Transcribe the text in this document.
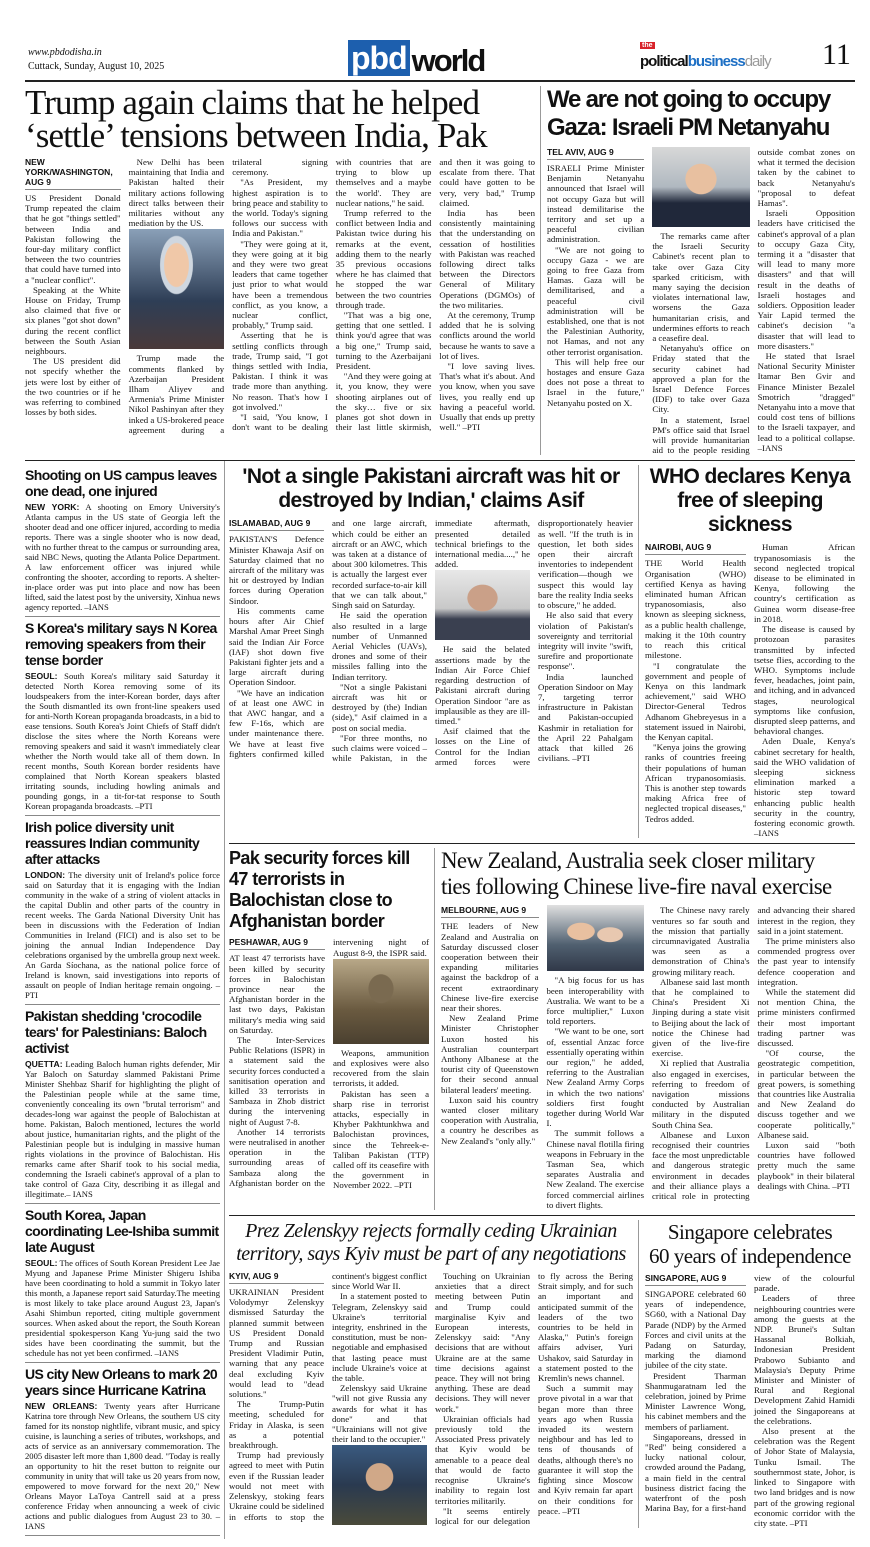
www.pbdodisha.in
Cuttack, Sunday, August 10, 2025	pbd world	the
politicalbusinessdaily 11
Trump again claims that he helped
‘settle’ tensions between India, Pak
NEW YORK/WASHINGTON, AUG 9

US President Donald Trump repeated the claim that he got "things settled" between India and Pakistan following the four-day military conflict between the two countries that could have turned into a "nuclear conflict".

Speaking at the White House on Friday, Trump also claimed that five or six planes "got shot down" during the recent conflict between the South Asian neighbours.

The US president did not specify whether the jets were lost by either of the two countries or if he was referring to combined losses by both sides.

New Delhi has been maintaining that India and Pakistan halted their military actions following direct talks between their militaries without any mediation by the US.

Trump made the comments flanked by Azerbaijan President Ilham Aliyev and Armenia's Prime Minister Nikol Pashinyan after they inked a US-brokered peace agreement during a trilateral signing ceremony.

"As President, my highest aspiration is to bring peace and stability to the world. Today's signing follows our success with India and Pakistan."

"They were going at it, they were going at it big and they were two great leaders that came together just prior to what would have been a tremendous conflict, as you know, a nuclear conflict, probably," Trump said.

Asserting that he is settling conflicts through trade, Trump said, "I got things settled with India, Pakistan. I think it was trade more than anything. No reason. That's how I got involved."

"I said, 'You know, I don't want to be dealing with countries that are trying to blow up themselves and a maybe the world'. They are nuclear nations," he said.

Trump referred to the conflict between India and Pakistan twice during his remarks at the event, adding them to the nearly 35 previous occasions where he has claimed that he stopped the war between the two countries through trade.

"That was a big one, getting that one settled. I think you'd agree that was a big one," Trump said, turning to the Azerbaijani President.

"And they were going at it, you know, they were shooting airplanes out of the sky… five or six planes got shot down in their last little skirmish, and then it was going to escalate from there. That could have gotten to be very, very bad," Trump claimed.

India has been consistently maintaining that the understanding on cessation of hostilities with Pakistan was reached following direct talks between the Directors General of Military Operations (DGMOs) of the two militaries.

At the ceremony, Trump added that he is solving conflicts around the world because he wants to save a lot of lives.

"I love saving lives. That's what it's about. And you know, when you save lives, you really end up having a peaceful world. Usually that ends up pretty well." –PTI

We are not going to occupy
Gaza: Israeli PM Netanyahu
TEL AVIV, AUG 9

ISRAELI Prime Minister Benjamin Netanyahu announced that Israel will not occupy Gaza but will instead demilitarise the territory and set up a peaceful civilian administration.

"We are not going to occupy Gaza - we are going to free Gaza from Hamas. Gaza will be demilitarised, and a peaceful civil administration will be established, one that is not the Palestinian Authority, not Hamas, and not any other terrorist organisation.

This will help free our hostages and ensure Gaza does not pose a threat to Israel in the future," Netanyahu posted on X.

The remarks came after the Israeli Security Cabinet's recent plan to take over Gaza City sparked criticism, with many saying the decision violates international law, worsens the Gaza humanitarian crisis, and undermines efforts to reach a ceasefire deal.

Netanyahu's office on Friday stated that the security cabinet had approved a plan for the Israel Defence Forces (IDF) to take over Gaza City.

In a statement, Israel PM's office said that Israel will provide humanitarian aid to the people residing outside combat zones on what it termed the decision taken by the cabinet to back Netanyahu's "proposal to defeat Hamas".

Israeli Opposition leaders have criticised the cabinet's approval of a plan to occupy Gaza City, terming it a "disaster that will lead to many more disasters" and that will result in the deaths of Israeli hostages and soldiers. Opposition leader Yair Lapid termed the cabinet's decision "a disaster that will lead to more disasters."

He stated that Israel National Security Minister Itamar Ben Gvir and Finance Minister Bezalel Smotrich "dragged" Netanyahu into a move that could cost tens of billions to the Israeli taxpayer, and lead to a political collapse. –IANS

Shooting on US campus leaves one dead, one injured

NEW YORK: A shooting on Emory University's Atlanta campus in the US state of Georgia left the shooter dead and one officer injured, according to media reports. There was a single shooter who is now dead, with no further threat to the campus or surrounding area, said NBC News, quoting the Atlanta Police Department. A law enforcement officer was injured while confronting the shooter, according to reports. A shelter-in-place order was put into place and now has been lifted, said the latest post by the university, Xinhua news agency reported. –IANS

S Korea's military says N Korea removing speakers from their tense border

SEOUL: South Korea's military said Saturday it detected North Korea removing some of its loudspeakers from the inter-Korean border, days after the South dismantled its own front-line speakers used for anti-North Korean propaganda broadcasts, in a bid to ease tensions. South Korea's Joint Chiefs of Staff didn't disclose the sites where the North Koreans were removing speakers and said it wasn't immediately clear whether the North would take all of them down. In recent months, South Korean border residents have complained that North Korean speakers blasted irritating sounds, including howling animals and pounding gongs, in a tit-for-tat response to South Korean propaganda broadcasts. –PTI

Irish police diversity unit reassures Indian community after attacks

LONDON: The diversity unit of Ireland's police force said on Saturday that it is engaging with the Indian community in the wake of a string of violent attacks in the capital Dublin and other parts of the country in recent weeks. The Garda National Diversity Unit has been in discussions with the Federation of Indian Communities in Ireland (FICI) and is also set to be joining the annual Indian Independence Day celebrations organised by the umbrella group next week. An Garda Síochana, as the national police force of Ireland is known, said investigations into reports of assault on people of Indian heritage remain ongoing. –PTI

Pakistan shedding 'crocodile tears' for Palestinians: Baloch activist

QUETTA: Leading Baloch human rights defender, Mir Yar Baloch on Saturday slammed Pakistani Prime Minister Shehbaz Sharif for highlighting the plight of the Palestinian people while at the same time, conveniently concealing its own "brutal terrorism" and decades-long war against the people of Balochistan at home. Pakistan, Baloch mentioned, lectures the world about justice, humanitarian rights, and the plight of the Palestinian people but is indulging in massive human rights violations in the province of Balochistan. His remarks came after Sharif took to his social media, condemning the Israeli cabinet's approval of a plan to take control of Gaza City, describing it as illegal and illegitimate.– IANS

South Korea, Japan coordinating Lee-Ishiba summit late August

SEOUL: The offices of South Korean President Lee Jae Myung and Japanese Prime Minister Shigeru Ishiba have been coordinating to hold a summit in Tokyo later this month, a Japanese report said Saturday.The meeting is most likely to take place around August 23, Japan's Asahi Shimbun reported, citing multiple government sources. When asked about the report, the South Korean presidential spokesperson Kang Yu-jung said the two sides have been coordinating the summit, but the schedule has not yet been confirmed. –IANS

US city New Orleans to mark 20 years since Hurricane Katrina

NEW ORLEANS: Twenty years after Hurricane Katrina tore through New Orleans, the southern US city famed for its nonstop nightlife, vibrant music, and spicy cuisine, is launching a series of tributes, workshops, and acts of service as an anniversary commemoration. The 2005 disaster left more than 1,800 dead. "Today is really an opportunity to hit the reset button to reignite our community in unity that will take us 20 years from now, empowered to move forward for the next 20," New Orleans Mayor LaToya Cantrell said at a press conference Friday when announcing a week of civic actions and public dialogues from August 23 to 30. –IANS

'Not a single Pakistani aircraft was hit or destroyed by Indian,' claims Asif
ISLAMABAD, AUG 9

PAKISTAN'S Defence Minister Khawaja Asif on Saturday claimed that no aircraft of the military was hit or destroyed by Indian forces during Operation Sindoor.

His comments came hours after Air Chief Marshal Amar Preet Singh said the Indian Air Force (IAF) shot down five Pakistani fighter jets and a large aircraft during Operation Sindoor.

"We have an indication of at least one AWC in that AWC hangar, and a few F-16s, which are under maintenance there. We have at least five fighters confirmed killed and one large aircraft, which could be either an aircraft or an AWC, which was taken at a distance of about 300 kilometres. This is actually the largest ever recorded surface-to-air kill that we can talk about," Singh said on Saturday.

He said the operation also resulted in a large number of Unmanned Aerial Vehicles (UAVs), drones and some of their missiles falling into the Indian territory.

"Not a single Pakistani aircraft was hit or destroyed by (the) Indian (side)," Asif claimed in a post on social media.

"For three months, no such claims were voiced – while Pakistan, in the immediate aftermath, presented detailed technical briefings to the international media....," he added.

He said the belated assertions made by the Indian Air Force Chief regarding destruction of Pakistani aircraft during Operation Sindoor "are as implausible as they are ill-timed."

Asif claimed that the losses on the Line of Control for the Indian armed forces were disproportionately heavier as well. "If the truth is in question, let both sides open their aircraft inventories to independent verification—though we suspect this would lay bare the reality India seeks to obscure," he added.

He also said that every violation of Pakistan's sovereignty and territorial integrity will invite "swift, surefire and proportionate response".

India launched Operation Sindoor on May 7, targeting terror infrastructure in Pakistan and Pakistan-occupied Kashmir in retaliation for the April 22 Pahalgam attack that killed 26 civilians. –PTI

WHO declares Kenya free of sleeping sickness
NAIROBI, AUG 9

THE World Health Organisation (WHO) certified Kenya as having eliminated human African trypanosomiasis, also known as sleeping sickness, as a public health challenge, making it the 10th country to reach this critical milestone.

"I congratulate the government and people of Kenya on this landmark achievement," said WHO Director-General Tedros Adhanom Ghebreyesus in a statement issued in Nairobi, the Kenyan capital.

"Kenya joins the growing ranks of countries freeing their populations of human African trypanosomiasis. This is another step towards making Africa free of neglected tropical diseases," Tedros added.

Human African trypanosomiasis is the second neglected tropical disease to be eliminated in Kenya, following the country's certification as Guinea worm disease-free in 2018.

The disease is caused by protozoan parasites transmitted by infected tsetse flies, according to the WHO. Symptoms include fever, headaches, joint pain, and itching, and in advanced stages, neurological symptoms like confusion, disrupted sleep patterns, and behavioral changes.

Aden Duale, Kenya's cabinet secretary for health, said the WHO validation of sleeping sickness elimination marked a historic step toward enhancing public health security in the country, fostering economic growth. –IANS

Pak security forces kill 47 terrorists in Balochistan close to Afghanistan border
PESHAWAR, AUG 9

AT least 47 terrorists have been killed by security forces in Balochistan province near the Afghanistan border in the last two days, Pakistan military's media wing said on Saturday.

The Inter-Services Public Relations (ISPR) in a statement said the security forces conducted a sanitisation operation and killed 33 terrorists in Sambaza in Zhob district during the intervening night of August 7-8.

Another 14 terrorists were neutralised in another operation in the surrounding areas of Sambaza along the Afghanistan border on the intervening night of August 8-9, the ISPR said.

Weapons, ammunition and explosives were also recovered from the slain terrorists, it added.

Pakistan has seen a sharp rise in terrorist attacks, especially in Khyber Pakhtunkhwa and Balochistan provinces, since the Tehreek-e-Taliban Pakistan (TTP) called off its ceasefire with the government in November 2022. –PTI

New Zealand, Australia seek closer military
ties following Chinese live-fire naval exercise
MELBOURNE, AUG 9

THE leaders of New Zealand and Australia on Saturday discussed closer cooperation between their expanding militaries against the backdrop of a recent extraordinary Chinese live-fire exercise near their shores.

New Zealand Prime Minister Christopher Luxon hosted his Australian counterpart Anthony Albanese at the tourist city of Queenstown for their second annual bilateral leaders' meeting.

Luxon said his country wanted closer military cooperation with Australia, a country he describes as New Zealand's "only ally."

"A big focus for us has been interoperability with Australia. We want to be a force multiplier," Luxon told reporters.

"We want to be one, sort of, essential Anzac force essentially operating within our region," he added, referring to the Australian New Zealand Army Corps in which the two nations' soldiers first fought together during World War I.

The summit follows a Chinese naval flotilla firing weapons in February in the Tasman Sea, which separates Australia and New Zealand. The exercise forced commercial airlines to divert flights.

The Chinese navy rarely ventures so far south and the mission that partially circumnavigated Australia was seen as a demonstration of China's growing military reach.

Albanese said last month that he complained to China's President Xi Jinping during a state visit to Beijing about the lack of notice the Chinese had given of the live-fire exercise.

Xi replied that Australia also engaged in exercises, referring to freedom of navigation missions conducted by Australian military in the disputed South China Sea.

Albanese and Luxon recognised their countries face the most unpredictable and dangerous strategic environment in decades and their alliance plays a critical role in protecting and advancing their shared interest in the region, they said in a joint statement.

The prime ministers also commended progress over the past year to intensify defence cooperation and integration.

While the statement did not mention China, the prime ministers confirmed their most important trading partner was discussed.

"Of course, the geostrategic competition, in particular between the great powers, is something that countries like Australia and New Zealand do discuss together and we cooperate politically," Albanese said.

Luxon said "both countries have followed pretty much the same playbook" in their bilateral dealings with China. –PTI

Prez Zelenskyy rejects formally ceding Ukrainian
territory, says Kyiv must be part of any negotiations
KYIV, AUG 9

UKRAINIAN President Volodymyr Zelenskyy dismissed Saturday the planned summit between US President Donald Trump and Russian President Vladimir Putin, warning that any peace deal excluding Kyiv would lead to "dead solutions."

The Trump-Putin meeting, scheduled for Friday in Alaska, is seen as a potential breakthrough.

Trump had previously agreed to meet with Putin even if the Russian leader would not meet with Zelenskyy, stoking fears Ukraine could be sidelined in efforts to stop the continent's biggest conflict since World War II.

In a statement posted to Telegram, Zelenskyy said Ukraine's territorial integrity, enshrined in the constitution, must be non-negotiable and emphasised that lasting peace must include Ukraine's voice at the table.

Zelenskyy said Ukraine "will not give Russia any awards for what it has done" and that "Ukrainians will not give their land to the occupier."

Touching on Ukrainian anxieties that a direct meeting between Putin and Trump could marginalise Kyiv and European interests, Zelenskyy said: "Any decisions that are without Ukraine are at the same time decisions against peace. They will not bring anything. These are dead decisions. They will never work."

Ukrainian officials had previously told the Associated Press privately that Kyiv would be amenable to a peace deal that would de facto recognise Ukraine's inability to regain lost territories militarily.

"It seems entirely logical for our delegation to fly across the Bering Strait simply, and for such an important and anticipated summit of the leaders of the two countries to be held in Alaska," Putin's foreign affairs adviser, Yuri Ushakov, said Saturday in a statement posted to the Kremlin's news channel.

Such a summit may prove pivotal in a war that began more than three years ago when Russia invaded its western neighbour and has led to tens of thousands of deaths, although there's no guarantee it will stop the fighting since Moscow and Kyiv remain far apart on their conditions for peace. –PTI

Singapore celebrates
60 years of independence
SINGAPORE, AUG 9

SINGAPORE celebrated 60 years of independence, SG60, with a National Day Parade (NDP) by the Armed Forces and civil units at the Padang on Saturday, marking the diamond jubilee of the city state.

President Tharman Shanmugaratnam led the celebration, joined by Prime Minister Lawrence Wong, his cabinet members and the members of parliament.

Singaporeans, dressed in "Red" being considered a lucky national colour, crowded around the Padang, a main field in the central business district facing the waterfront of the posh Marina Bay, for a first-hand view of the colourful parade.

Leaders of three neighbouring countries were among the guests at the NDP. Brunei's Sultan Hassanal Bolkiah, Indonesian President Prabowo Subianto and Malaysia's Deputy Prime Minister and Minister of Rural and Regional Development Zahid Hamidi joined the Singaporeans at the celebrations.

Also present at the celebration was the Regent of Johor State of Malaysia, Tunku Ismail. The southernmost state, Johor, is linked to Singapore with two land bridges and is now part of the growing regional economic corridor with the city state. –PTI
